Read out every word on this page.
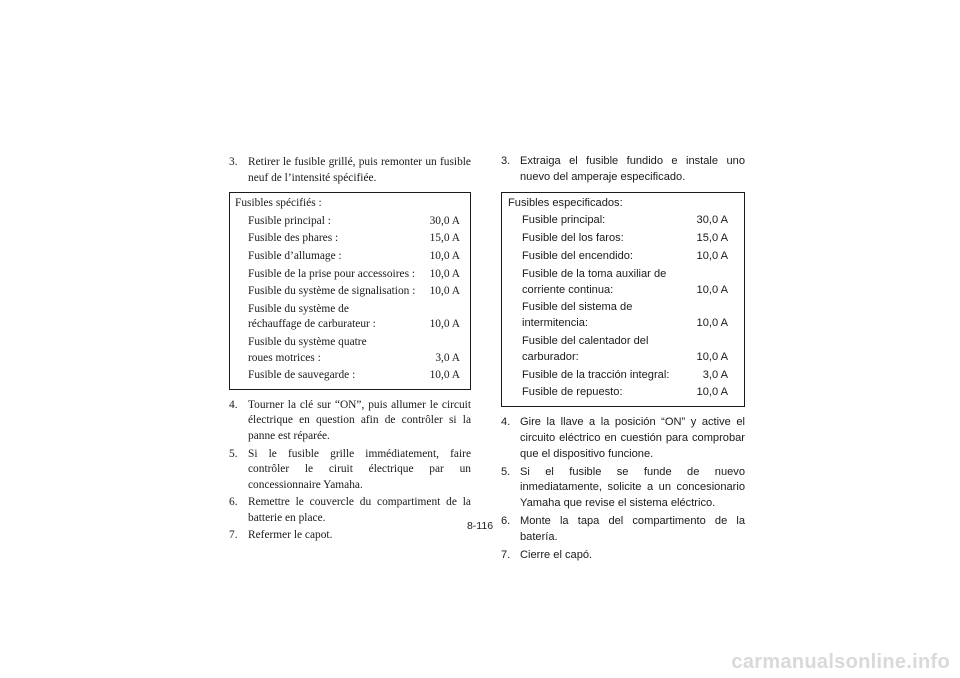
3. Retirer le fusible grillé, puis remonter un fusible neuf de l’intensité spécifiée.

Fusibles spécifiés :

Fusible principal :	30,0 A
Fusible des phares :	15,0 A
Fusible d’allumage :	10,0 A
Fusible de la prise pour accessoires :	10,0 A
Fusible du système de signalisation :	10,0 A
Fusible du système de réchauffage de carburateur :	10,0 A
Fusible du système quatre roues motrices :	3,0 A
Fusible de sauvegarde :	10,0 A

4. Tourner la clé sur “ON”, puis allumer le circuit électrique en question afin de contrôler si la panne est réparée.

5. Si le fusible grille immédiatement, faire contrôler le ciruit électrique par un concessionnaire Yamaha.

6. Remettre le couvercle du compartiment de la batterie en place.

7. Refermer le capot.

3. Extraiga el fusible fundido e instale uno nuevo del amperaje especificado.

Fusibles especificados:

Fusible principal:	30,0 A
Fusible del los faros:	15,0 A
Fusible del encendido:	10,0 A
Fusible de la toma auxiliar de corriente continua:	10,0 A
Fusible del sistema de intermitencia:	10,0 A
Fusible del calentador del carburador:	10,0 A
Fusible de la tracción integral:	3,0 A
Fusible de repuesto:	10,0 A

4. Gire la llave a la posición “ON” y active el circuito eléctrico en cuestión para comprobar que el dispositivo funcione.

5. Si el fusible se funde de nuevo inmediatamente, solicite a un concesionario Yamaha que revise el sistema eléctrico.

6. Monte la tapa del compartimento de la batería.

7. Cierre el capó.

8-116
carmanualsonline.info
